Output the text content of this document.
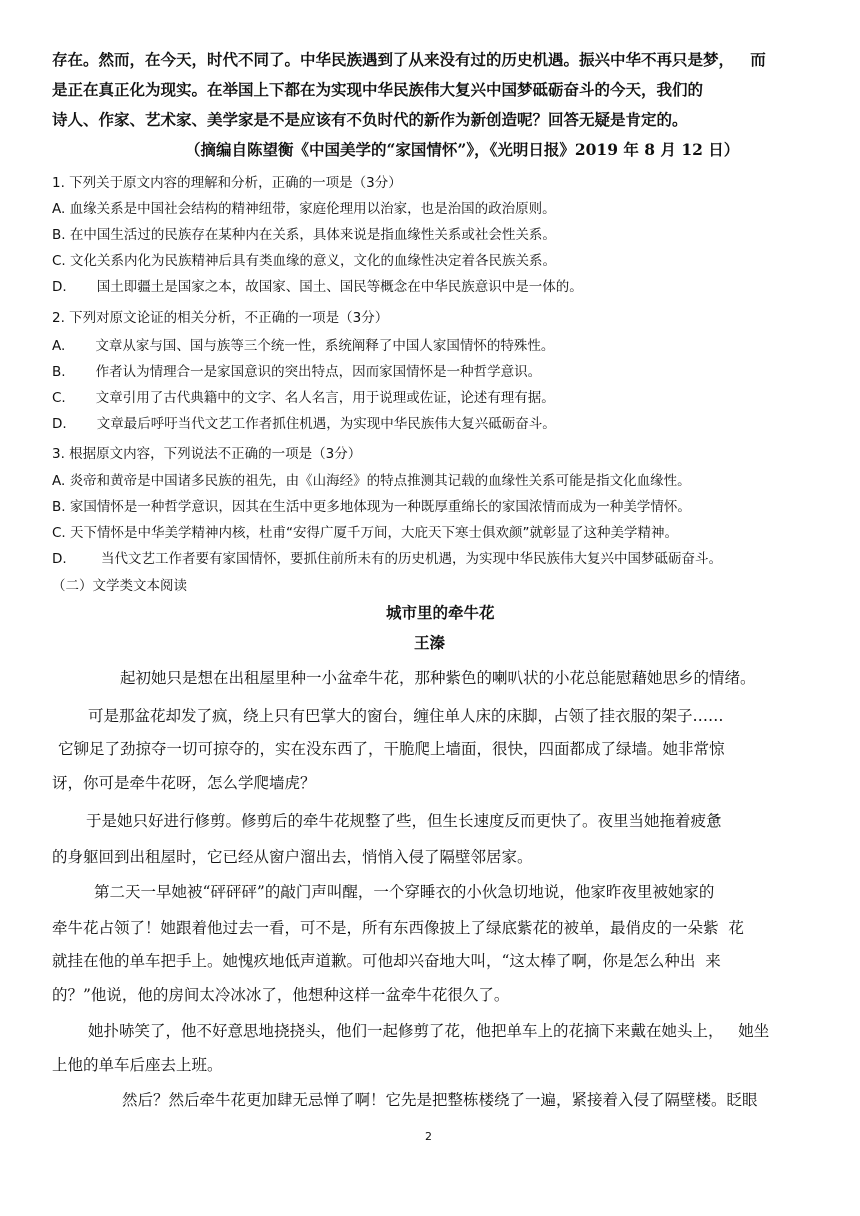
存在。然而，在今天，时代不同了。中华民族遇到了从来没有过的历史机遇。振兴中华不再只是梦，   而
是正在真正化为现实。在举国上下都在为实现中华民族伟大复兴中国梦砥砺奋斗的今天，我们的
诗人、作家、艺术家、美学家是不是应该有不负时代的新作为新创造呢？回答无疑是肯定的。
（摘编自陈望衡《中国美学的“家国情怀”》，《光明日报》2019 年 8 月 12 日）
1. 下列关于原文内容的理解和分析，正确的一项是（3分）
A. 血缘关系是中国社会结构的精神纽带，家庭伦理用以治家，也是治国的政治原则。
B. 在中国生活过的民族存在某种内在关系，具体来说是指血缘性关系或社会性关系。
C. 文化关系内化为民族精神后具有类血缘的意义，文化的血缘性决定着各民族关系。
D.       国土即疆土是国家之本，故国家、国土、国民等概念在中华民族意识中是一体的。
2. 下列对原文论证的相关分析，不正确的一项是（3分）
A.       文章从家与国、国与族等三个统一性，系统阐释了中国人家国情怀的特殊性。
B.       作者认为情理合一是家国意识的突出特点，因而家国情怀是一种哲学意识。
C.       文章引用了古代典籍中的文字、名人名言，用于说理或佐证，论述有理有据。
D.       文章最后呼吁当代文艺工作者抓住机遇，为实现中华民族伟大复兴砥砺奋斗。
3. 根据原文内容，下列说法不正确的一项是（3分）
A. 炎帝和黄帝是中国诸多民族的祖先，由《山海经》的特点推测其记载的血缘性关系可能是指文化血缘性。
B. 家国情怀是一种哲学意识，因其在生活中更多地体现为一种既厚重绵长的家国浓情而成为一种美学情怀。
C. 天下情怀是中华美学精神内核，杜甫“安得广厦千万间，大庇天下寒士俱欢颜”就彰显了这种美学精神。
D.        当代文艺工作者要有家国情怀，要抓住前所未有的历史机遇，为实现中华民族伟大复兴中国梦砥砺奋斗。
（二）文学类文本阅读
城市里的牵牛花
王溱
起初她只是想在出租屋里种一小盆牵牛花，那种紫色的喇叭状的小花总能慰藉她思乡的情绪。
可是那盆花却发了疯，绕上只有巴掌大的窗台，缠住单人床的床脚，占领了挂衣服的架子……
它铆足了劲掠夺一切可掠夺的，实在没东西了，干脆爬上墙面，很快，四面都成了绿墙。她非常惊
讶，你可是牵牛花呀，怎么学爬墙虎？
于是她只好进行修剪。修剪后的牵牛花规整了些，但生长速度反而更快了。夜里当她拖着疲惫
的身躯回到出租屋时，它已经从窗户溜出去，悄悄入侵了隔壁邻居家。
第二天一早她被“砰砰砰”的敲门声叫醒，一个穿睡衣的小伙急切地说，他家昨夜里被她家的
牵牛花占领了！她跟着他过去一看，可不是，所有东西像披上了绿底紫花的被单，最俏皮的一朵紫  花
就挂在他的单车把手上。她愧疚地低声道歉。可他却兴奋地大叫，“这太棒了啊，你是怎么种出  来
的？”他说，他的房间太冷冰冰了，他想种这样一盆牵牛花很久了。
她扑哧笑了，他不好意思地挠挠头，他们一起修剪了花，他把单车上的花摘下来戴在她头上，   她坐
上他的单车后座去上班。
然后？然后牵牛花更加肆无忌惮了啊！它先是把整栋楼绕了一遍，紧接着入侵了隔壁楼。眨眼
2
